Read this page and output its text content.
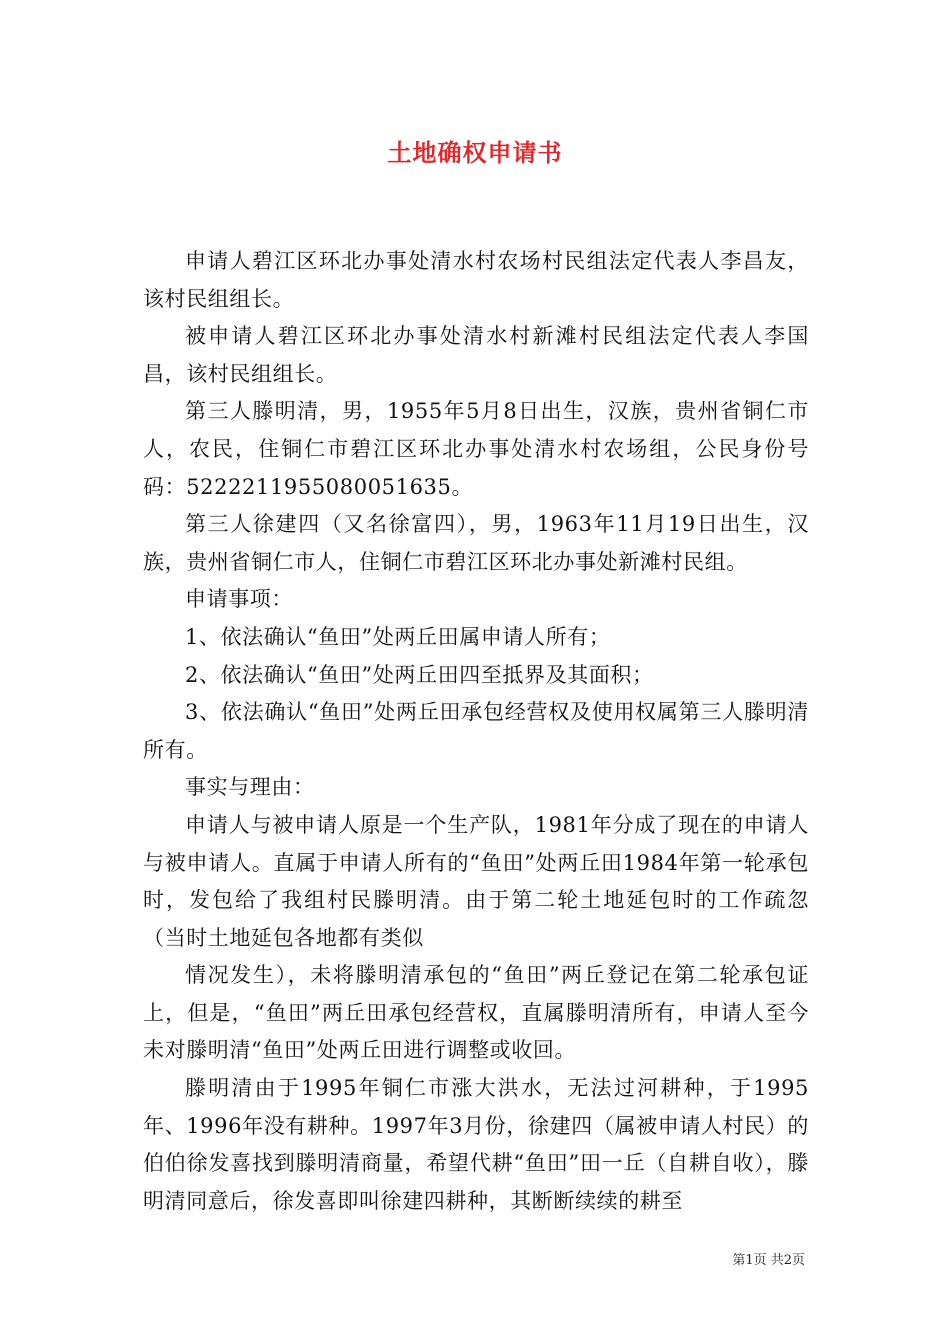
土地确权申请书

申请人碧江区环北办事处清水村农场村民组法定代表人李昌友，该村民组组长。

被申请人碧江区环北办事处清水村新滩村民组法定代表人李国昌，该村民组组长。

第三人滕明清，男，1955年5月8日出生，汉族，贵州省铜仁市人，农民，住铜仁市碧江区环北办事处清水村农场组，公民身份号码：522221195508005163​5。

第三人徐建四（又名徐富四），男，1963年11月19日出生，汉族，贵州省铜仁市人，住铜仁市碧江区环北办事处新滩村民组。

申请事项：

1、依法确认“鱼田”处两丘田属申请人所有；

2、依法确认“鱼田”处两丘田四至抵界及其面积；

3、依法确认“鱼田”处两丘田承包经营权及使用权属第三人滕明清所有。

事实与理由：

申请人与被申请人原是一个生产队，1981年分成了现在的申请人与被申请人。直属于申请人所有的“鱼田”处两丘田1984年第一轮承包时，发包给了我组村民滕明清。由于第二轮土地延包时的工作疏忽（当时土地延包各地都有类似

情况发生），未将滕明清承包的“鱼田”两丘登记在第二轮承包证上，但是，“鱼田”两丘田承包经营权，直属滕明清所有，申请人至今未对滕明清“鱼田”处两丘田进行调整或收回。

滕明清由于1995年铜仁市涨大洪水，无法过河耕种，于1995年、1996年没有耕种。1997年3月份，徐建四（属被申请人村民）的伯伯徐发喜找到滕明清商量，希望代耕“鱼田”田一丘（自耕自收），滕明清同意后，徐发喜即叫徐建四耕种，其断断续续的耕至

第1页 共2页
